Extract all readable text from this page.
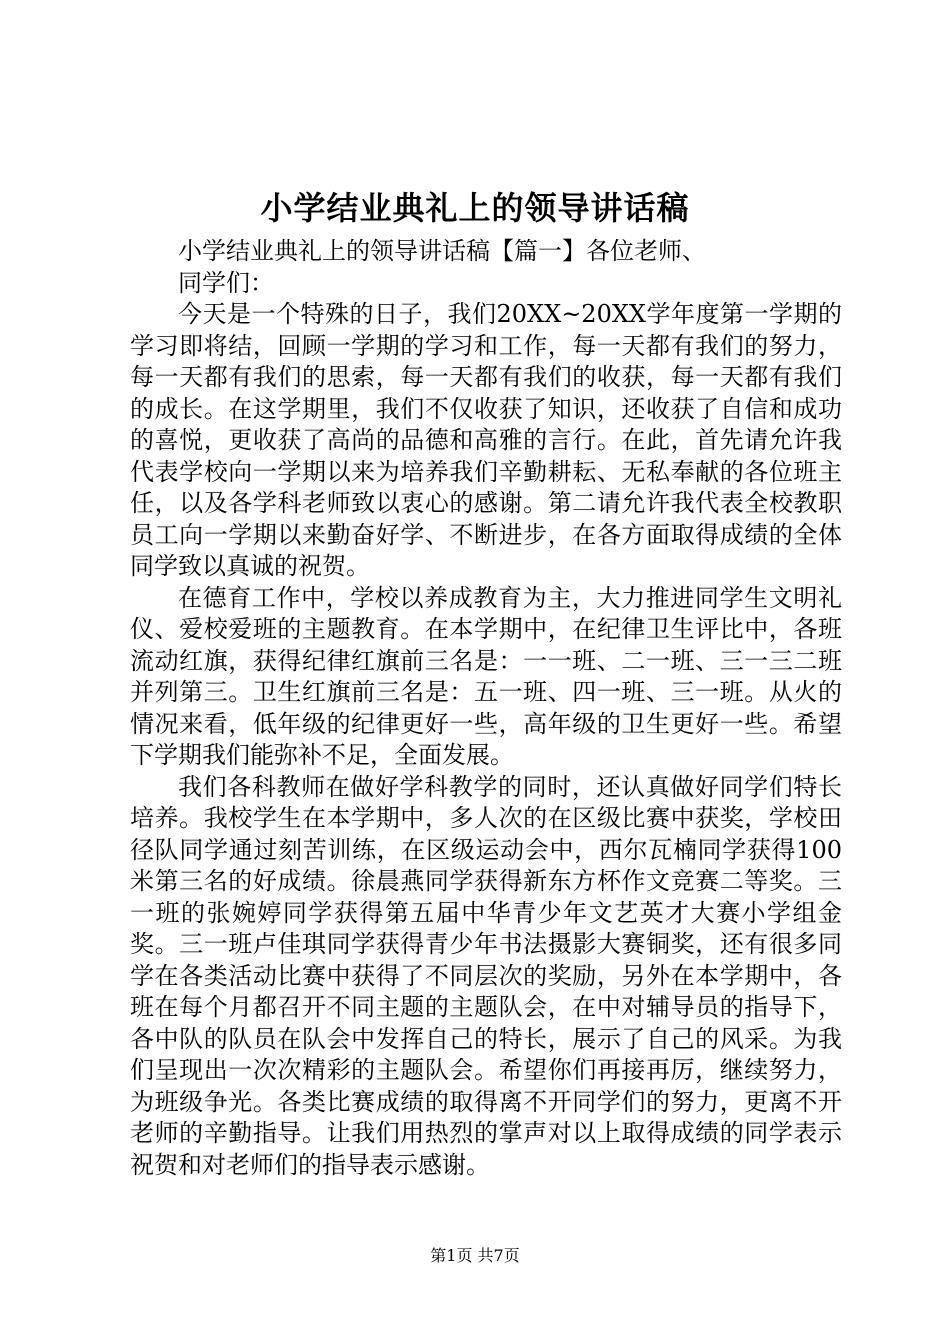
小学结业典礼上的领导讲话稿

小学结业典礼上的领导讲话稿【篇一】各位老师、

同学们：

今天是一个特殊的日子，我们20XX~20XX学年度第一学期的学习即将结，回顾一学期的学习和工作，每一天都有我们的努力，每一天都有我们的思索，每一天都有我们的收获，每一天都有我们的成长。在这学期里，我们不仅收获了知识，还收获了自信和成功的喜悦，更收获了高尚的品德和高雅的言行。在此，首先请允许我代表学校向一学期以来为培养我们辛勤耕耘、无私奉献的各位班主任，以及各学科老师致以衷心的感谢。第二请允许我代表全校教职员工向一学期以来勤奋好学、不断进步，在各方面取得成绩的全体同学致以真诚的祝贺。

在德育工作中，学校以养成教育为主，大力推进同学生文明礼仪、爱校爱班的主题教育。在本学期中，在纪律卫生评比中，各班流动红旗，获得纪律红旗前三名是：一一班、二一班、三一三二班并列第三。卫生红旗前三名是：五一班、四一班、三一班。从火的情况来看，低年级的纪律更好一些，高年级的卫生更好一些。希望下学期我们能弥补不足，全面发展。

我们各科教师在做好学科教学的同时，还认真做好同学们特长培养。我校学生在本学期中，多人次的在区级比赛中获奖，学校田径队同学通过刻苦训练，在区级运动会中，西尔瓦楠同学获得100米第三名的好成绩。徐晨燕同学获得新东方杯作文竞赛二等奖。三一班的张婉婷同学获得第五届中华青少年文艺英才大赛小学组金奖。三一班卢佳琪同学获得青少年书法摄影大赛铜奖，还有很多同学在各类活动比赛中获得了不同层次的奖励，另外在本学期中，各班在每个月都召开不同主题的主题队会，在中对辅导员的指导下，各中队的队员在队会中发挥自己的特长，展示了自己的风采。为我们呈现出一次次精彩的主题队会。希望你们再接再厉，继续努力，为班级争光。各类比赛成绩的取得离不开同学们的努力，更离不开老师的辛勤指导。让我们用热烈的掌声对以上取得成绩的同学表示祝贺和对老师们的指导表示感谢。

第1页 共7页
